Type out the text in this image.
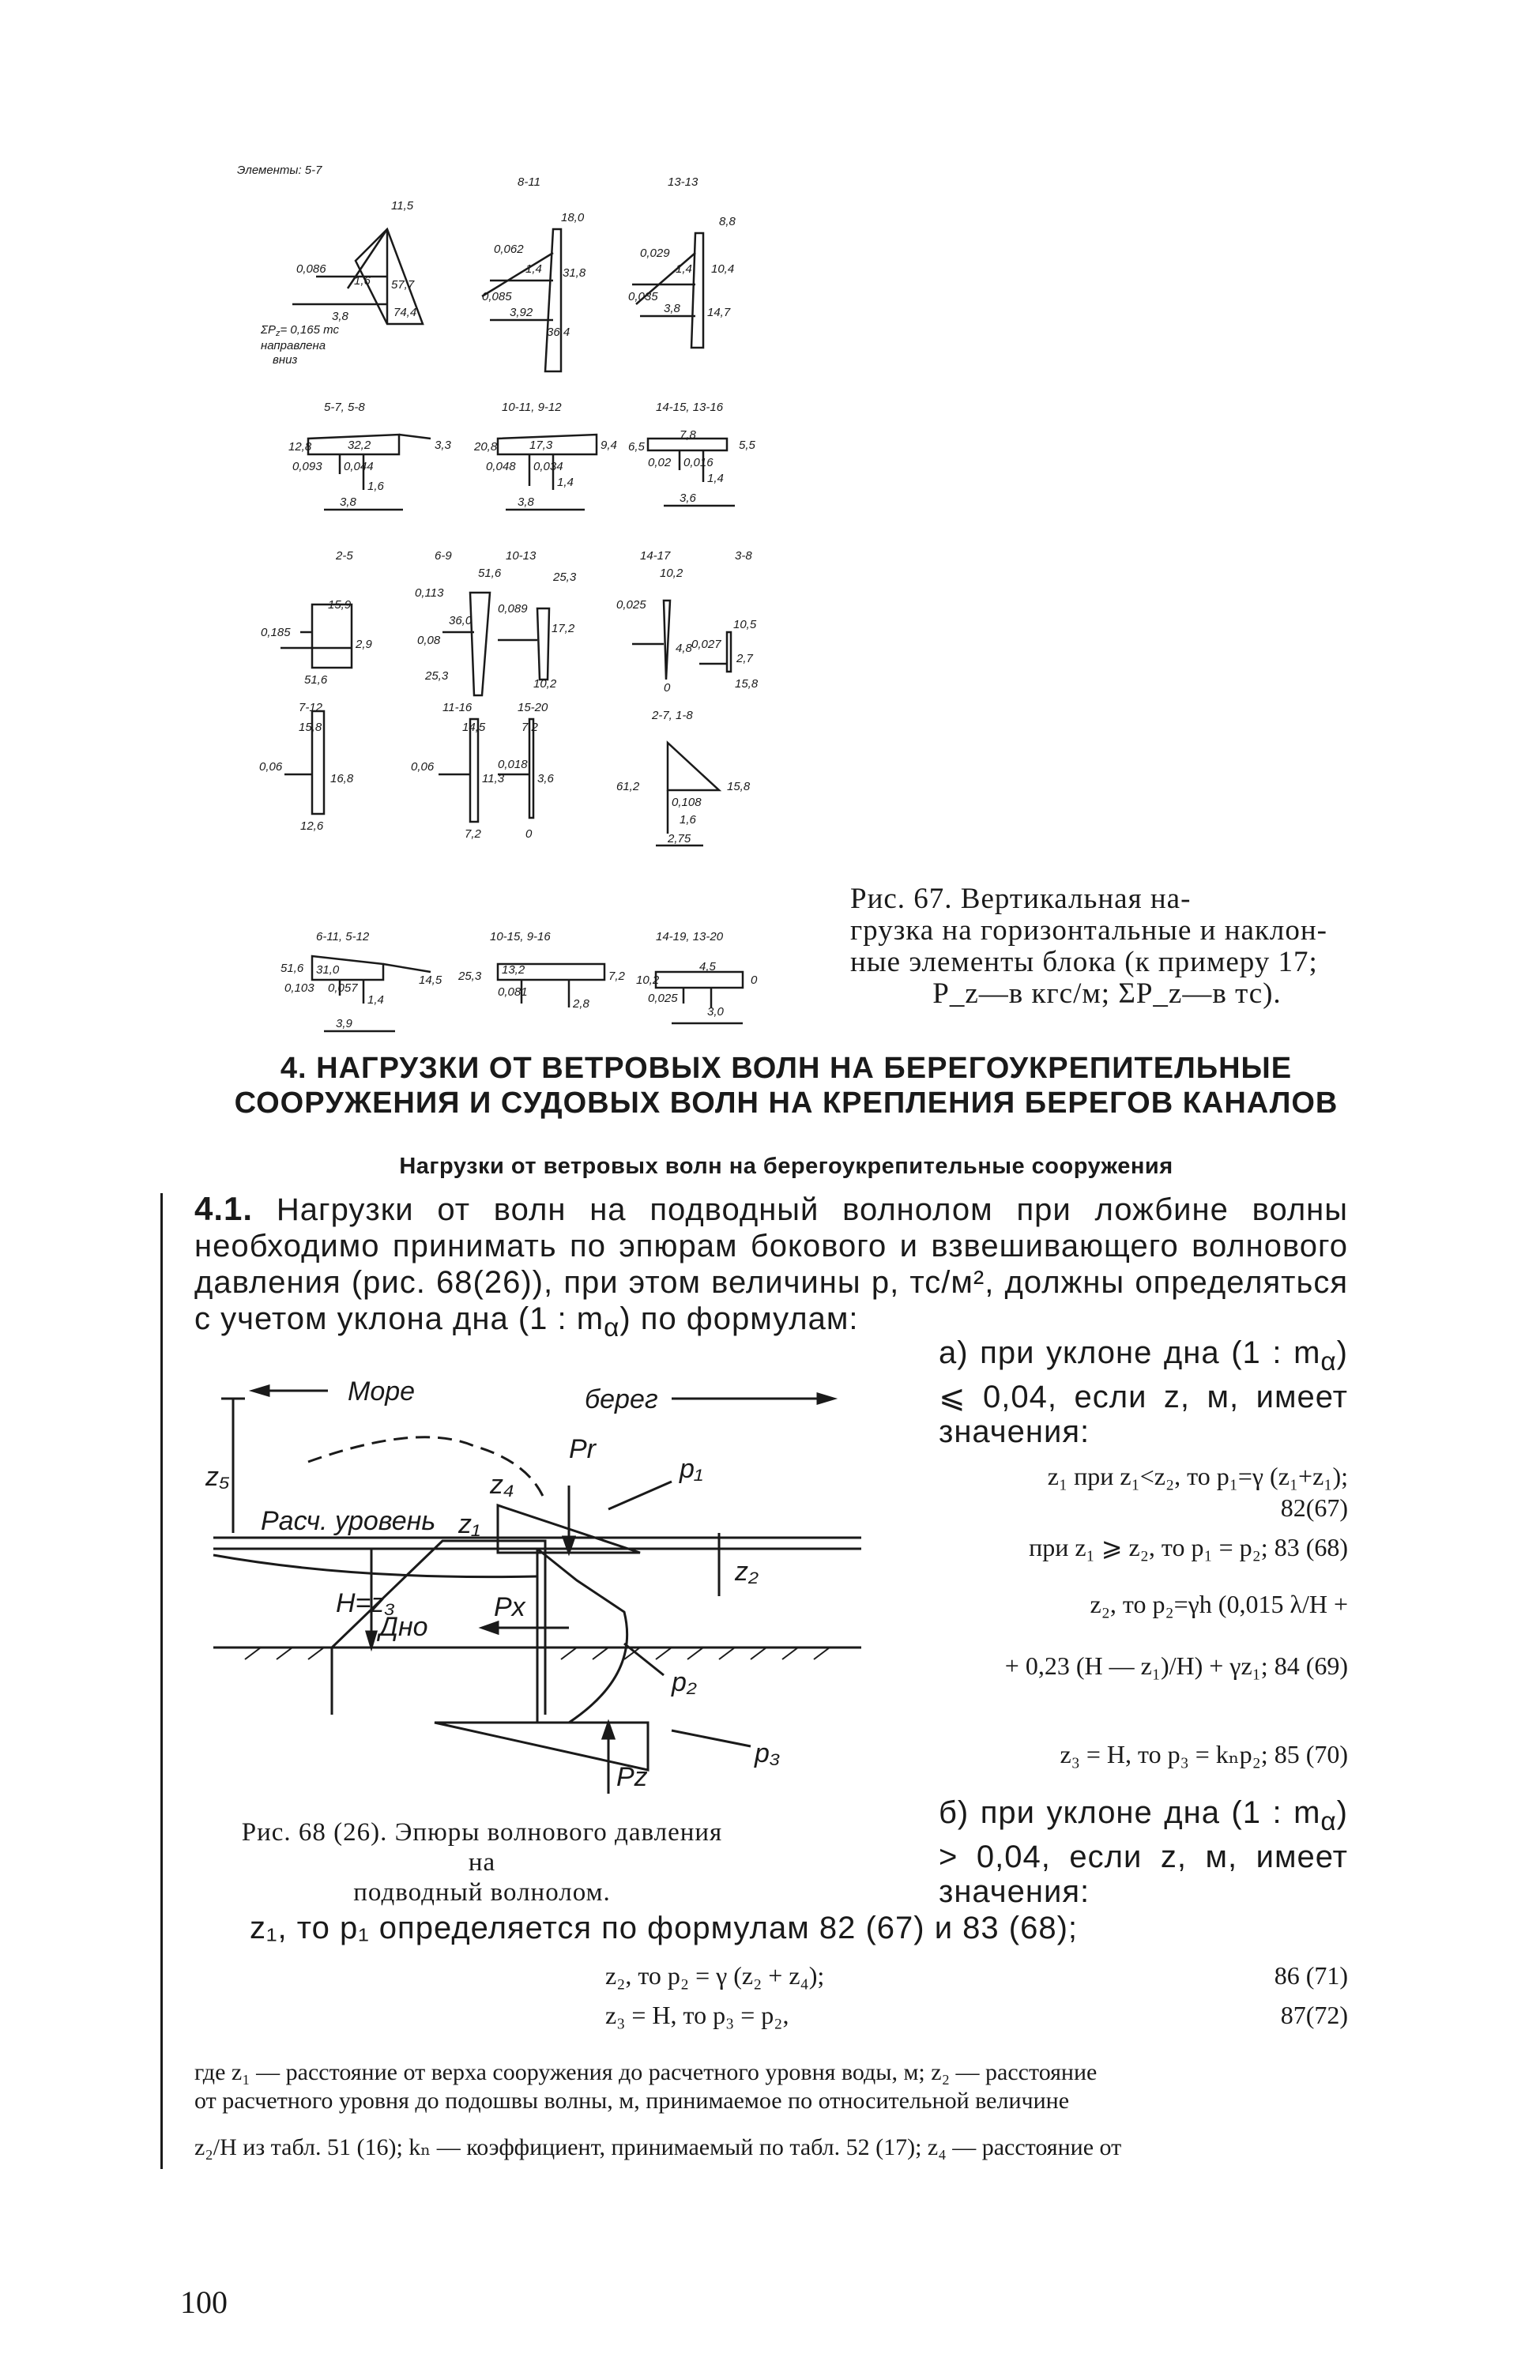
Элементы: 5-7
11,5
0,086
1,6 57,7
3,8	74,4
$\Sigma P_z= 0,165$ тс
направлена
вниз
8-11
18,0
0,062
1,4 31,8
0,085
3,92
36,4
13-13
8,8
0,029
1,4 10,4
0,035
3,8 14,7
5-7, 5-8
12,8	32,2	3,3
0,093 0,044
1,6
3,8
10-11, 9-12
20,8	17,3	9,4
0,048 0,034
1,4
3,8
14-15, 13-16
6,5
7,8
5,5
0,02 0,016
1,4
3,6
2-5
15,9
0,185
2,9
51,6
6-9
51,6
0,113
36,0
0,08
25,3
10-13
25,3
0,089
17,2
10,2
14-17
10,2
0,025
4,8
0
3-8
10,5
0,027
2,7
15,8
7-12
15,8
0,06
16,8
12,6
11-16
14,5
0,06
11,3
7,2
15-20
7,2
0,018
3,6
0
2-7, 1-8
61,2	15,8
0,108
1,6
2,75
6-11, 5-12
51,6 31,0
14,5
0,103 0,057
1,4
3,9
10-15, 9-16
25,3 13,2	7,2
0,081
2,8
14-19, 13-20
10,2
4,5
0
0,025
3,0
Рис. 67. Вертикальная на-
грузка на горизонтальные и наклон-
ные элементы блока (к примеру 17;
P_z—в кгс/м; ΣP_z—в тс).
4. НАГРУЗКИ ОТ ВЕТРОВЫХ ВОЛН НА БЕРЕГОУКРЕПИТЕЛЬНЫЕ
СООРУЖЕНИЯ И СУДОВЫХ ВОЛН НА КРЕПЛЕНИЯ БЕРЕГОВ КАНАЛОВ
Нагрузки от ветровых волн на берегоукрепительные сооружения
4.1. Нагрузки от волн на подводный волнолом при ложбине волны необходимо принимать по эпюрам бокового и взвешивающего волнового давления (рис. 68(26)), при этом величины p, тс/м², должны определяться с учетом уклона дна (1 : $m_\alpha$) по формулам:
а) при уклоне дна (1 : $m_\alpha$) ⩽ 0,04, если z, м, имеет значения:
z₁ при z₁<z₂, то p₁=γ (z₁+z₁);
82(67)
при z₁ ⩾ z₂, то p₁ = p₂; 83 (68)
z₂, то p₂=γh (0,015 λ/H +
+ 0,23 (H — z₁)/H) + γz₁; 84 (69)
z₃ = H, то p₃ = kₙp₂; 85 (70)
Море	берег
Расч. уровень
Дно
z₅
z₁
z₄
z₂
H=z₃
Pr
p₁
p₂
p₃
Px
Pz
Рис. 68 (26). Эпюры волнового давления на
подводный волнолом.
б) при уклоне дна (1 : $m_\alpha) > 0,04$, если z, м, имеет значения:
z₁, то p₁ определяется по формулам 82 (67) и 83 (68);
z₂, то p₂ = γ (z₂ + z₄);	86 (71)
z₃ = H, то p₃ = p₂,	87(72)
где z₁ — расстояние от верха сооружения до расчетного уровня воды, м; z₂ — расстояние
от расчетного уровня до подошвы волны, м, принимаемое по относительной величине
z₂/H из табл. 51 (16); kₙ — коэффициент, принимаемый по табл. 52 (17); z₄ — расстояние от
100
